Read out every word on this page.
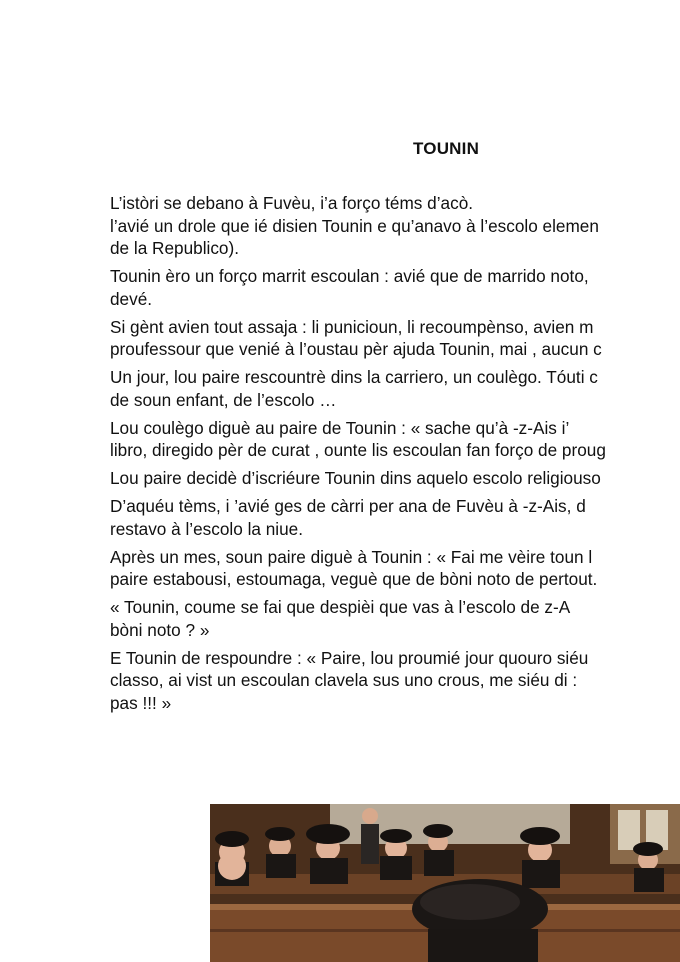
TOUNIN
L’istòri se debano à Fuvèu, i’a forço téms d’acò.
l’avié un drole que ié disien Tounin e qu’anavo à l’escolo elemen
de la Republico).
Tounin èro un forço marrit escoulan : avié que de marrido noto,
devé.
Si gènt avien tout assaja : li punicioun, li recoumpènso, avien m
proufessour que venié à l’oustau pèr ajuda Tounin, mai , aucun c
Un jour, lou paire rescountrè dins la carriero, un coulègo. Tóuti c
de soun enfant, de l’escolo …
Lou coulègo diguè au paire de Tounin : « sache qu’à -z-Ais i’
libro, diregido pèr de curat , ounte lis escoulan fan forço de proug
Lou paire decidè d’iscriéure Tounin dins aquelo escolo religiouso
D’aquéu tèms, i ’avié ges de càrri per ana de Fuvèu à -z-Ais, d
restavo à l’escolo la niue.
Après un mes, soun paire diguè à Tounin : « Fai me vèire toun l
paire estabousi, estoumaga, veguè que de bòni noto de pertout.
« Tounin, coume se fai que despièi que vas à l’escolo de z-A
bòni noto ? »
E Tounin de respoundre : « Paire, lou proumié jour quouro siéu
classo, ai vist un escoulan clavela sus uno crous, me siéu di :
pas !!! »
